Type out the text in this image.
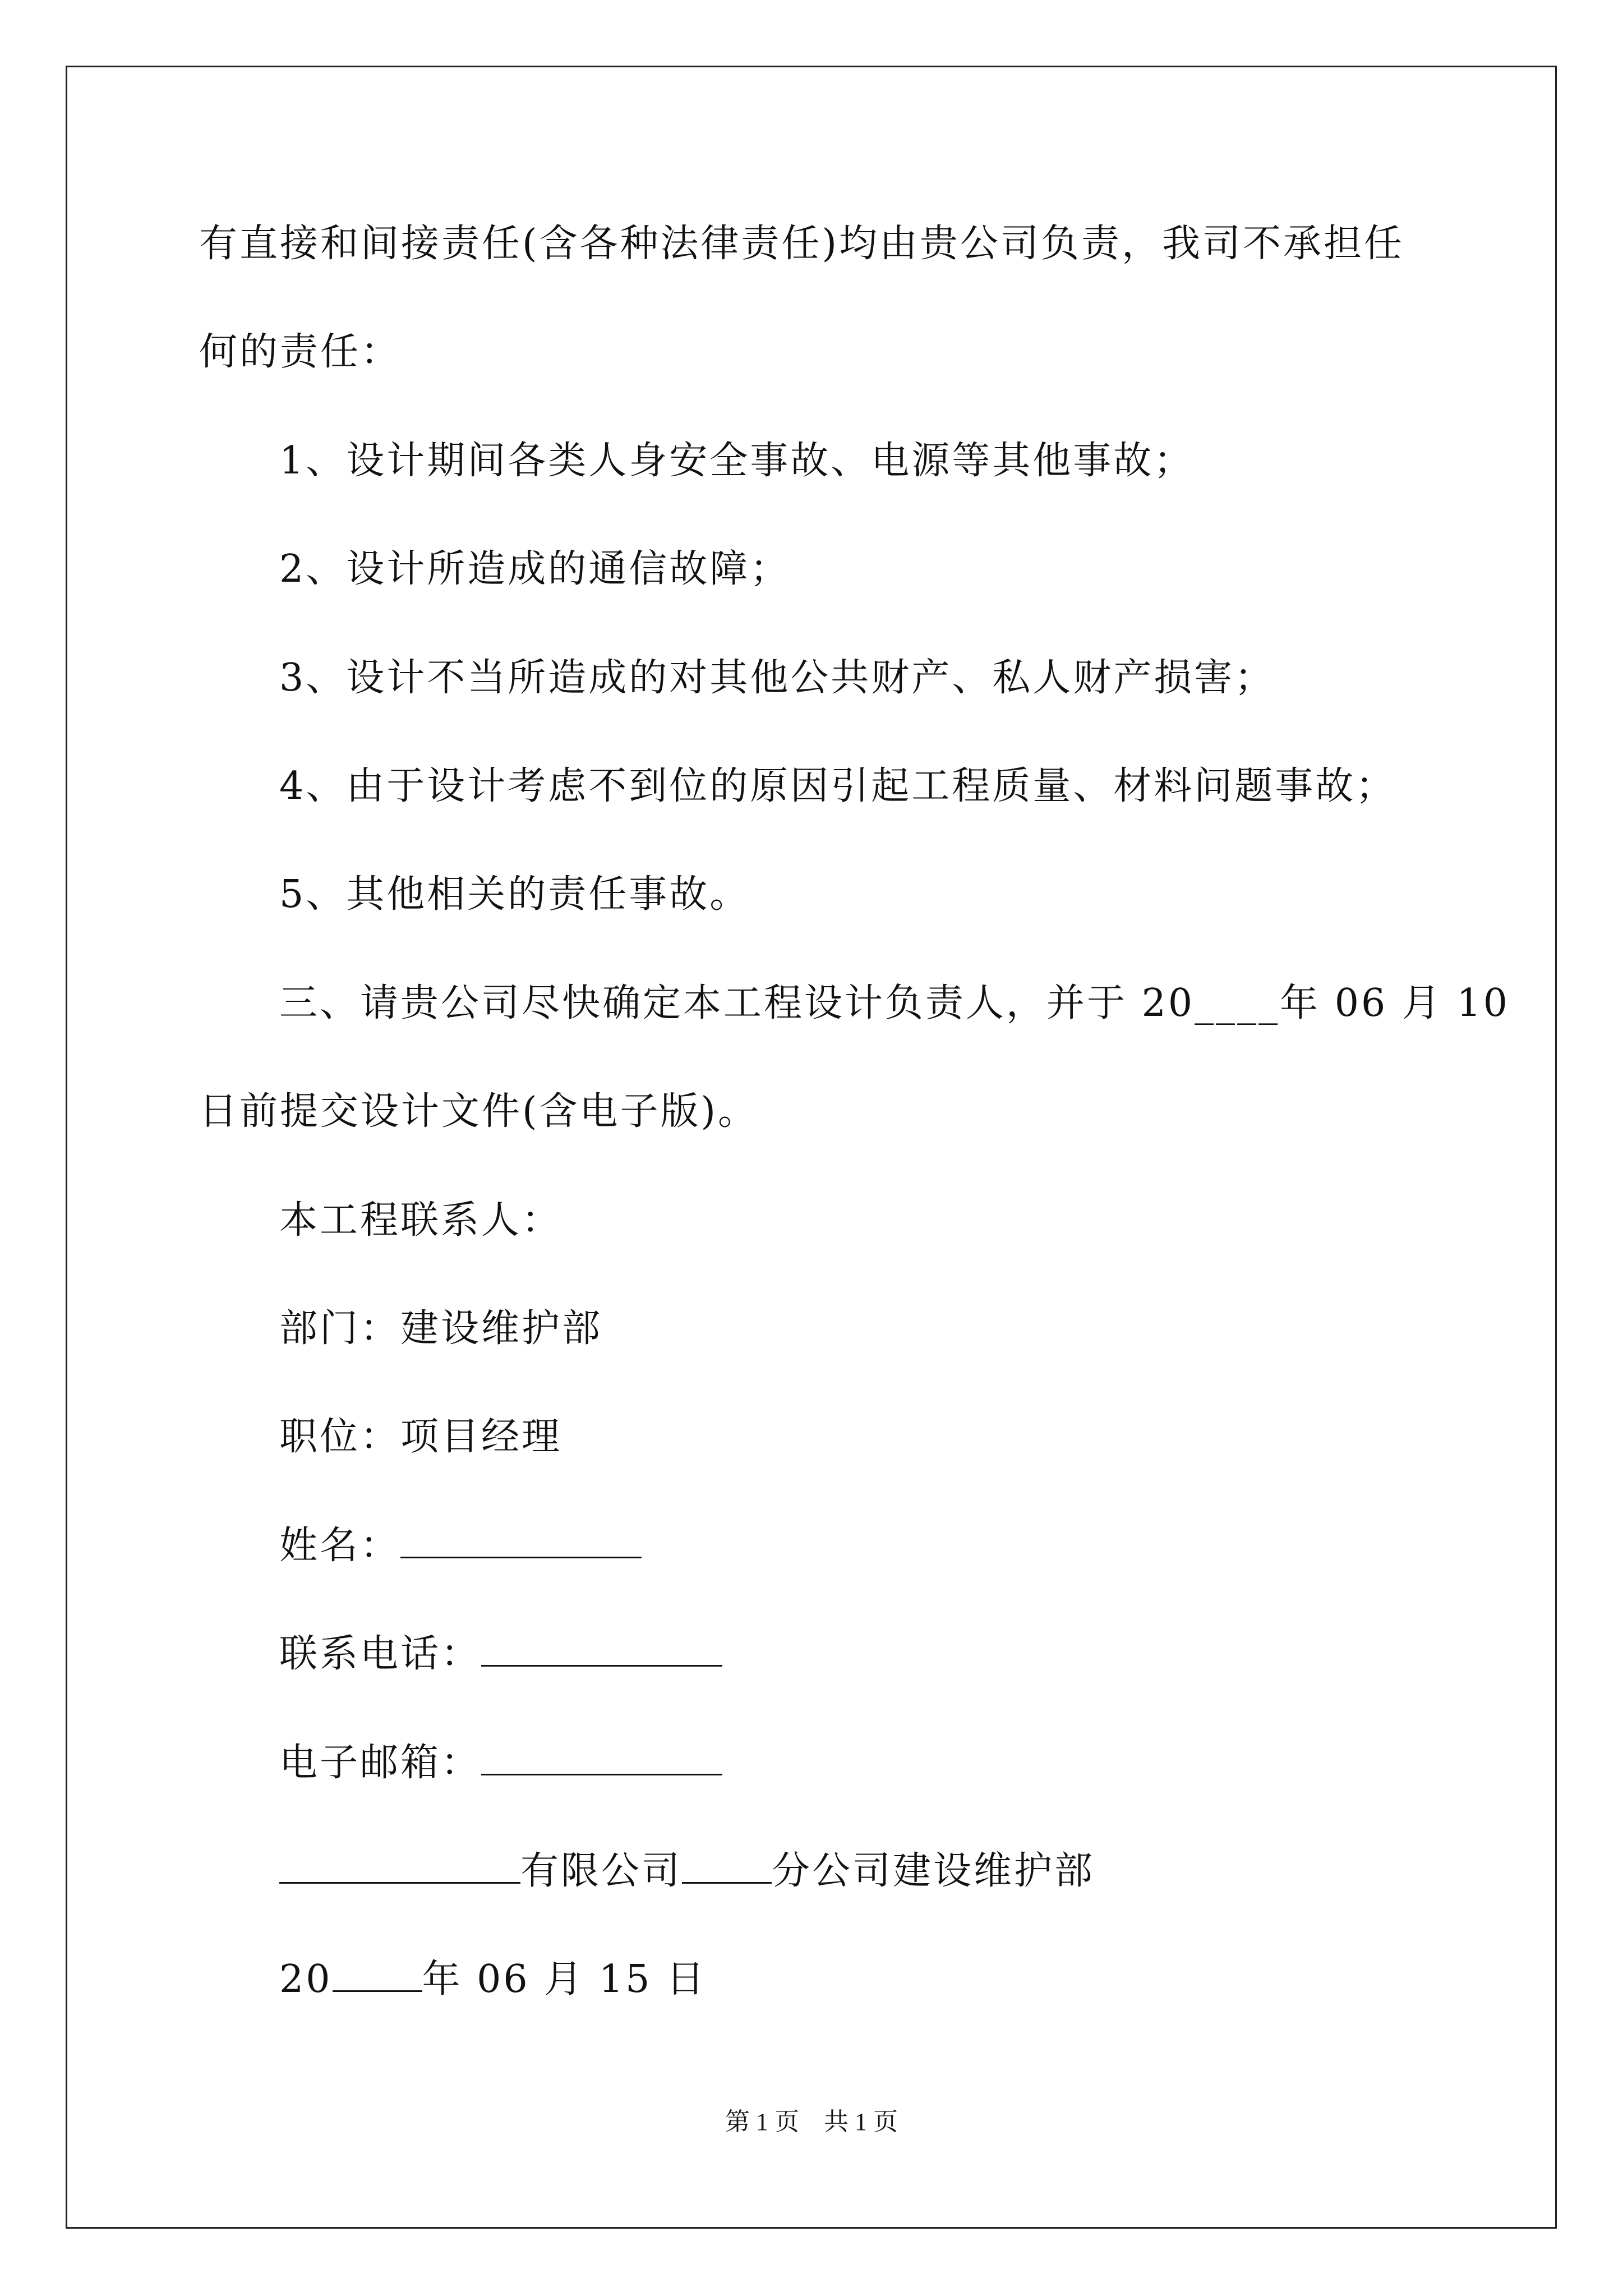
有直接和间接责任(含各种法律责任)均由贵公司负责，我司不承担任
何的责任：
1、设计期间各类人身安全事故、电源等其他事故；
2、设计所造成的通信故障；
3、设计不当所造成的对其他公共财产、私人财产损害；
4、由于设计考虑不到位的原因引起工程质量、材料问题事故；
5、其他相关的责任事故。
三、请贵公司尽快确定本工程设计负责人，并于 20____年 06 月 10
日前提交设计文件(含电子版)。
本工程联系人：
部门：建设维护部
职位：项目经理
姓名：
联系电话：
电子邮箱：
有限公司 分公司建设维护部
20 年 06 月 15 日
第 1 页　共 1 页
